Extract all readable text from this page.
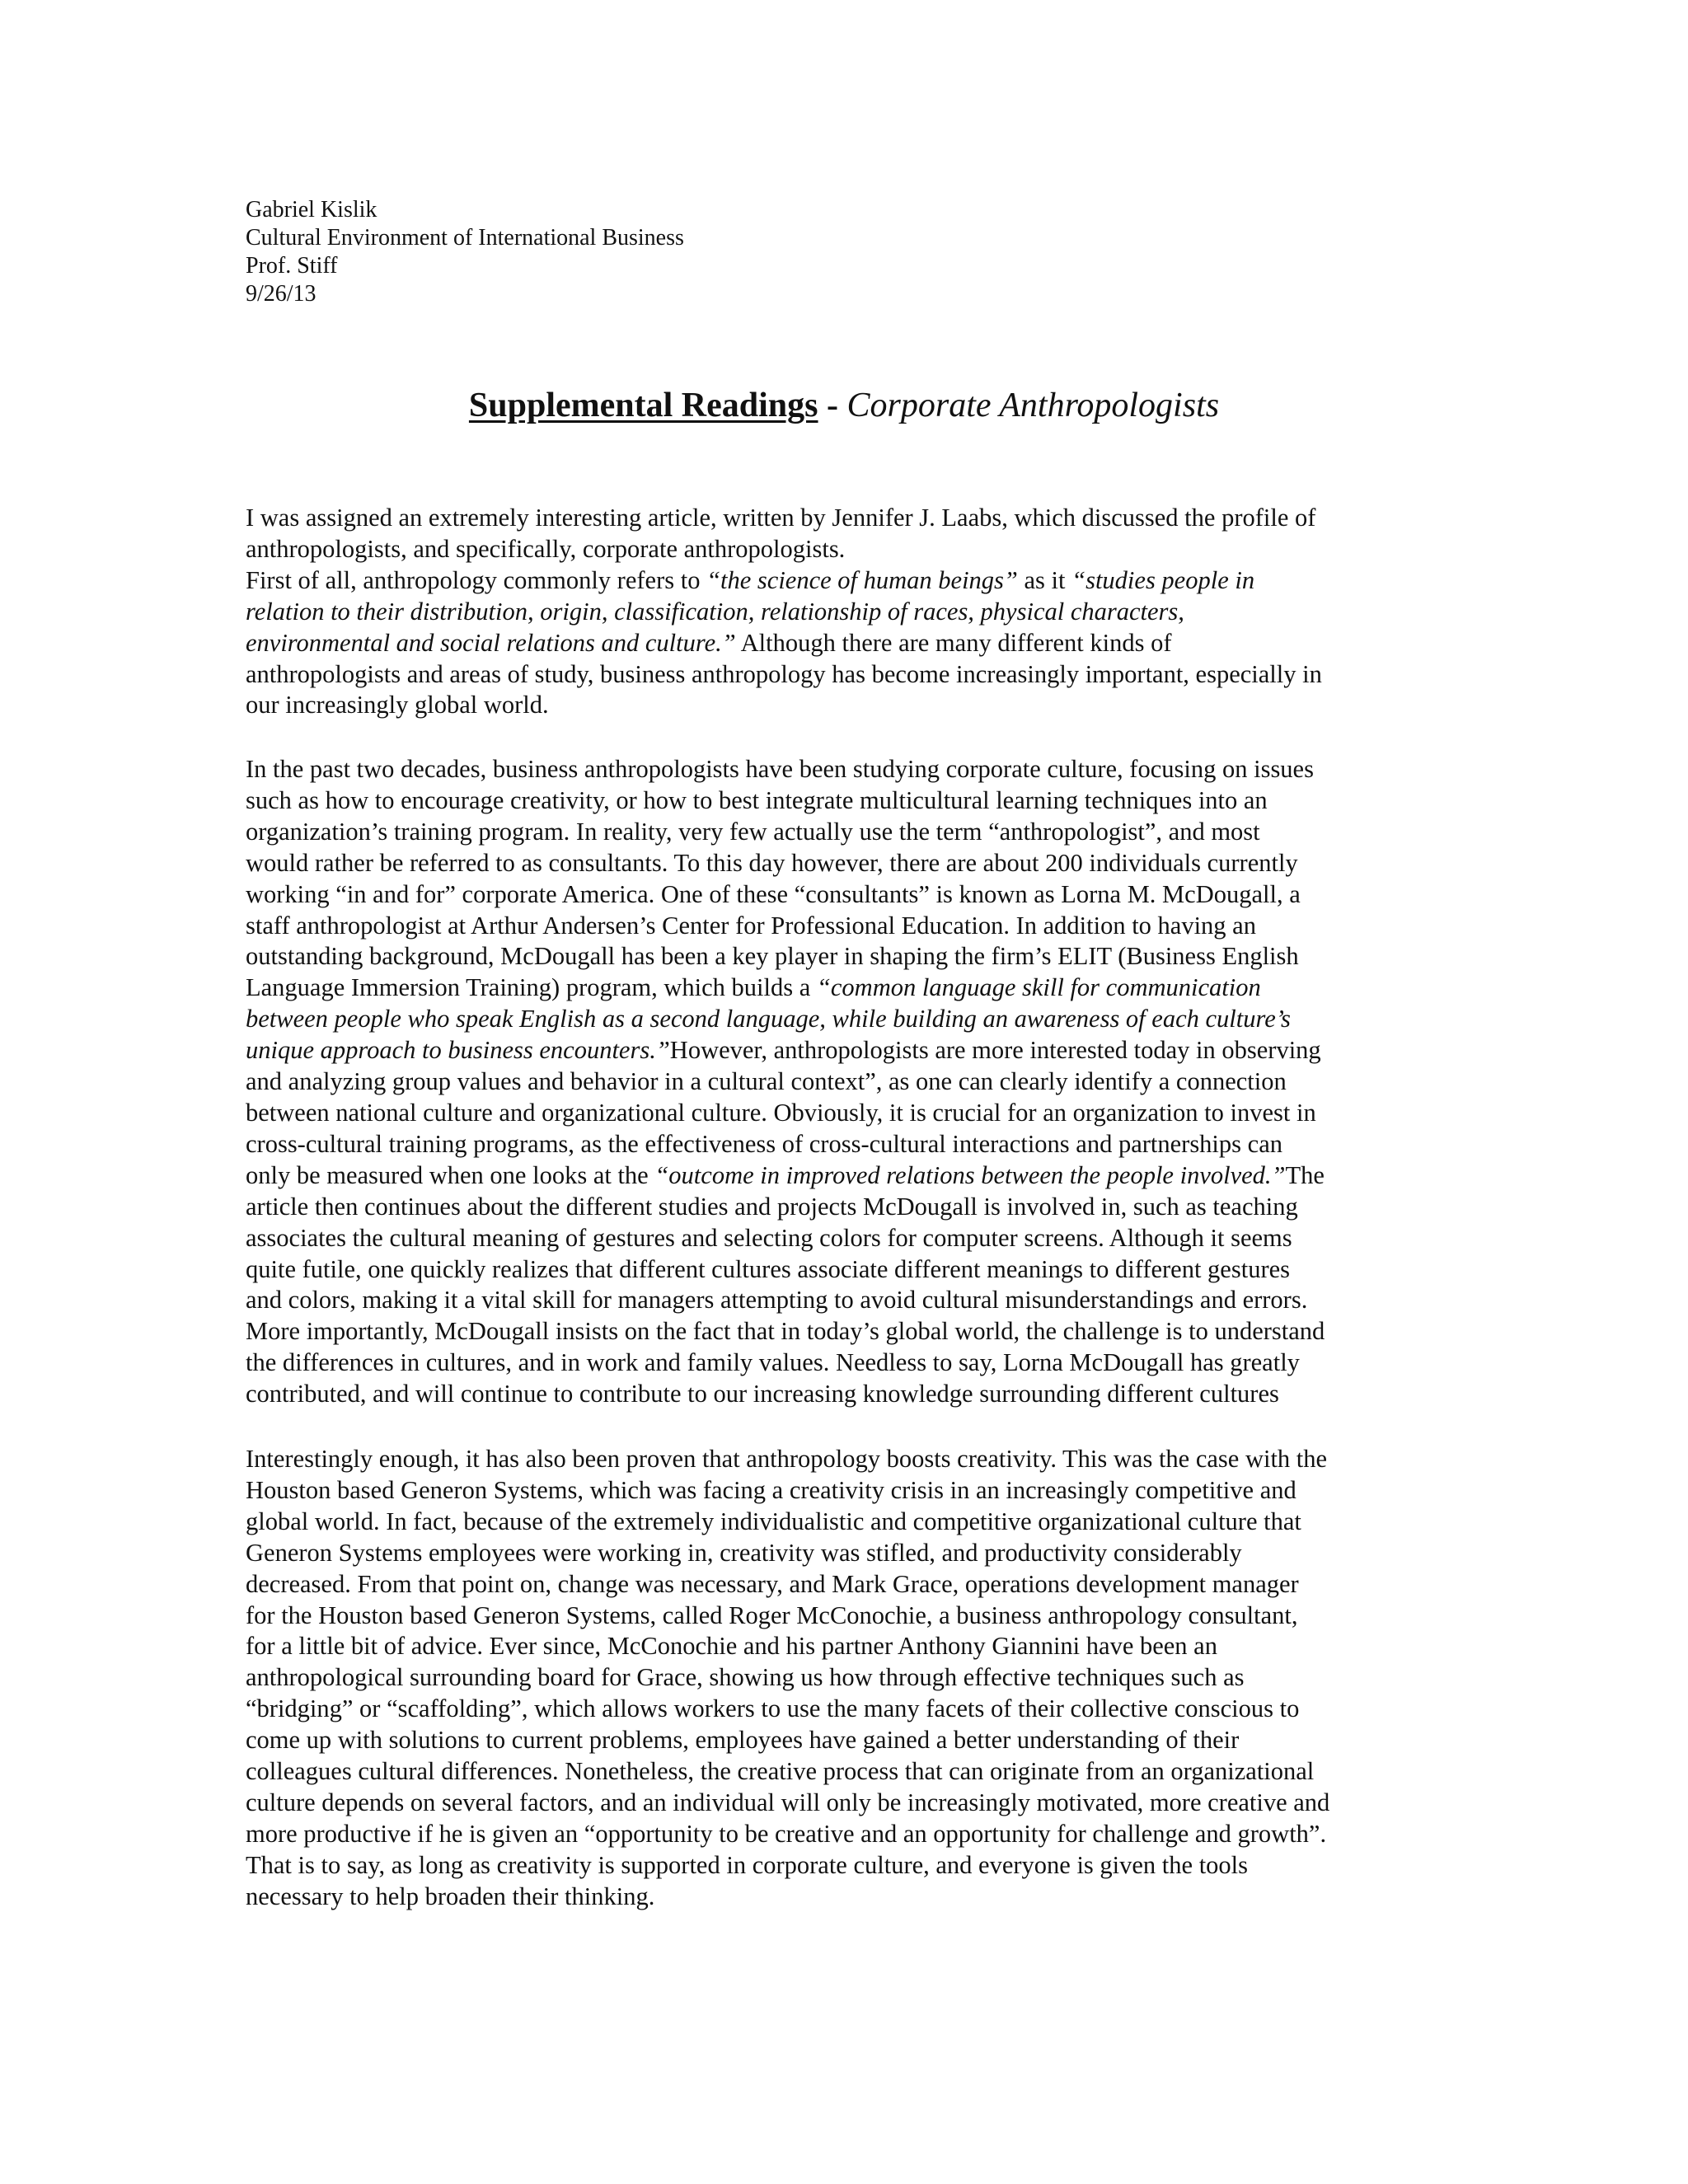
Gabriel Kislik
Cultural Environment of International Business
Prof. Stiff
9/26/13
Supplemental Readings - Corporate Anthropologists
I was assigned an extremely interesting article, written by Jennifer J. Laabs, which discussed the profile of
anthropologists, and specifically, corporate anthropologists.
First of all, anthropology commonly refers to “the science of human beings” as it “studies people in
relation to their distribution, origin, classification, relationship of races, physical characters,
environmental and social relations and culture.” Although there are many different kinds of
anthropologists and areas of study, business anthropology has become increasingly important, especially in
our increasingly global world.
In the past two decades, business anthropologists have been studying corporate culture, focusing on issues
such as how to encourage creativity, or how to best integrate multicultural learning techniques into an
organization’s training program. In reality, very few actually use the term “anthropologist”, and most
would rather be referred to as consultants. To this day however, there are about 200 individuals currently
working “in and for” corporate America. One of these “consultants” is known as Lorna M. McDougall, a
staff anthropologist at Arthur Andersen’s Center for Professional Education. In addition to having an
outstanding background, McDougall has been a key player in shaping the firm’s ELIT (Business English
Language Immersion Training) program, which builds a “common language skill for communication
between people who speak English as a second language, while building an awareness of each culture’s
unique approach to business encounters.”However, anthropologists are more interested today in observing
and analyzing group values and behavior in a cultural context”, as one can clearly identify a connection
between national culture and organizational culture. Obviously, it is crucial for an organization to invest in
cross-cultural training programs, as the effectiveness of cross-cultural interactions and partnerships can
only be measured when one looks at the “outcome in improved relations between the people involved.”The
article then continues about the different studies and projects McDougall is involved in, such as teaching
associates the cultural meaning of gestures and selecting colors for computer screens. Although it seems
quite futile, one quickly realizes that different cultures associate different meanings to different gestures
and colors, making it a vital skill for managers attempting to avoid cultural misunderstandings and errors.
More importantly, McDougall insists on the fact that in today’s global world, the challenge is to understand
the differences in cultures, and in work and family values. Needless to say, Lorna McDougall has greatly
contributed, and will continue to contribute to our increasing knowledge surrounding different cultures
Interestingly enough, it has also been proven that anthropology boosts creativity. This was the case with the
Houston based Generon Systems, which was facing a creativity crisis in an increasingly competitive and
global world. In fact, because of the extremely individualistic and competitive organizational culture that
Generon Systems employees were working in, creativity was stifled, and productivity considerably
decreased. From that point on, change was necessary, and Mark Grace, operations development manager
for the Houston based Generon Systems, called Roger McConochie, a business anthropology consultant,
for a little bit of advice. Ever since, McConochie and his partner Anthony Giannini have been an
anthropological surrounding board for Grace, showing us how through effective techniques such as
“bridging” or “scaffolding”, which allows workers to use the many facets of their collective conscious to
come up with solutions to current problems, employees have gained a better understanding of their
colleagues cultural differences. Nonetheless, the creative process that can originate from an organizational
culture depends on several factors, and an individual will only be increasingly motivated, more creative and
more productive if he is given an “opportunity to be creative and an opportunity for challenge and growth”.
That is to say, as long as creativity is supported in corporate culture, and everyone is given the tools
necessary to help broaden their thinking.
